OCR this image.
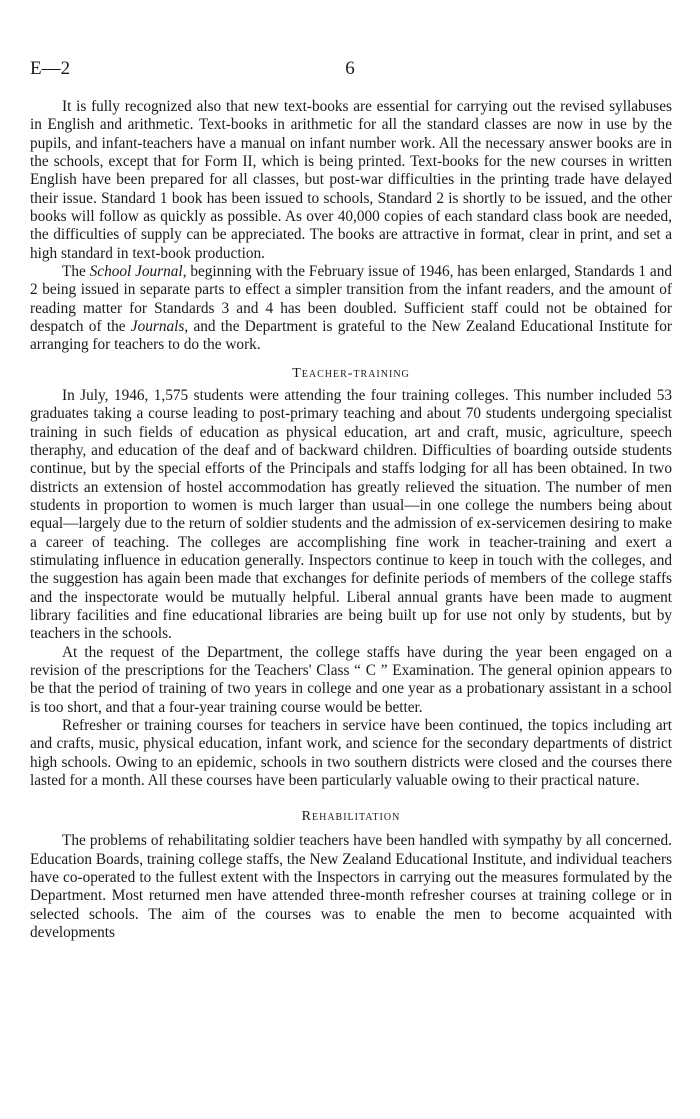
E—2	6

It is fully recognized also that new text-books are essential for carrying out the revised syllabuses in English and arithmetic. Text-books in arithmetic for all the standard classes are now in use by the pupils, and infant-teachers have a manual on infant number work. All the necessary answer books are in the schools, except that for Form II, which is being printed. Text-books for the new courses in written English have been prepared for all classes, but post-war difficulties in the printing trade have delayed their issue. Standard 1 book has been issued to schools, Standard 2 is shortly to be issued, and the other books will follow as quickly as possible. As over 40,000 copies of each standard class book are needed, the difficulties of supply can be appreciated. The books are attractive in format, clear in print, and set a high standard in text-book production.

The School Journal, beginning with the February issue of 1946, has been enlarged, Standards 1 and 2 being issued in separate parts to effect a simpler transition from the infant readers, and the amount of reading matter for Standards 3 and 4 has been doubled. Sufficient staff could not be obtained for despatch of the Journals, and the Department is grateful to the New Zealand Educational Institute for arranging for teachers to do the work.

Teacher-training

In July, 1946, 1,575 students were attending the four training colleges. This number included 53 graduates taking a course leading to post-primary teaching and about 70 students undergoing specialist training in such fields of education as physical education, art and craft, music, agriculture, speech theraphy, and education of the deaf and of backward children. Difficulties of boarding outside students continue, but by the special efforts of the Principals and staffs lodging for all has been obtained. In two districts an extension of hostel accommodation has greatly relieved the situation. The number of men students in proportion to women is much larger than usual—in one college the numbers being about equal—largely due to the return of soldier students and the admission of ex-servicemen desiring to make a career of teaching. The colleges are accomplishing fine work in teacher-training and exert a stimulating influence in education generally. Inspectors continue to keep in touch with the colleges, and the suggestion has again been made that exchanges for definite periods of members of the college staffs and the inspectorate would be mutually helpful. Liberal annual grants have been made to augment library facilities and fine educational libraries are being built up for use not only by students, but by teachers in the schools.

At the request of the Department, the college staffs have during the year been engaged on a revision of the prescriptions for the Teachers' Class “ C ” Examination. The general opinion appears to be that the period of training of two years in college and one year as a probationary assistant in a school is too short, and that a four-year training course would be better.

Refresher or training courses for teachers in service have been continued, the topics including art and crafts, music, physical education, infant work, and science for the secondary departments of district high schools. Owing to an epidemic, schools in two southern districts were closed and the courses there lasted for a month. All these courses have been particularly valuable owing to their practical nature.

Rehabilitation

The problems of rehabilitating soldier teachers have been handled with sympathy by all concerned. Education Boards, training college staffs, the New Zealand Educational Institute, and individual teachers have co-operated to the fullest extent with the Inspectors in carrying out the measures formulated by the Department. Most returned men have attended three-month refresher courses at training college or in selected schools. The aim of the courses was to enable the men to become acquainted with developments
